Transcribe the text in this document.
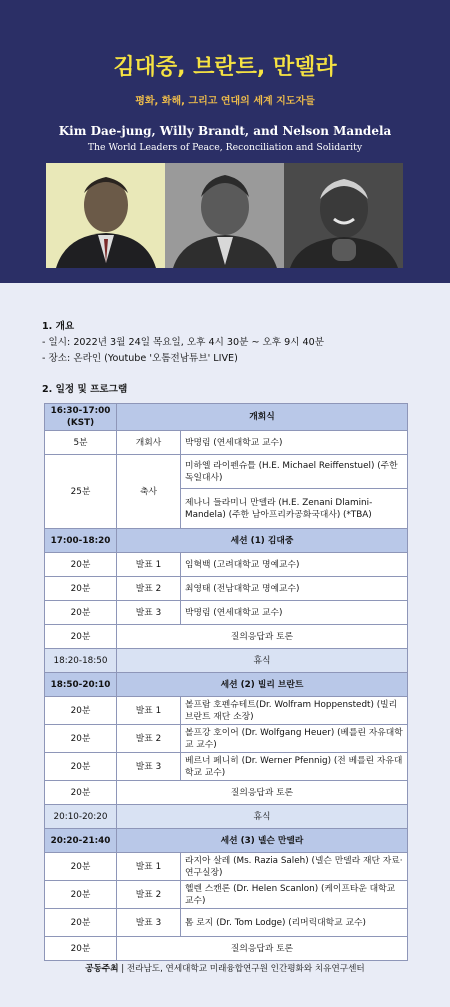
김대중, 브란트, 만델라
평화, 화해, 그리고 연대의 세계 지도자들
Kim Dae-jung, Willy Brandt, and Nelson Mandela
The World Leaders of Peace, Reconciliation and Solidarity
1. 개요
- 일시: 2022년 3월 24일 목요일, 오후 4시 30분 ~ 오후 9시 40분
- 장소: 온라인 (Youtube '오톰전남튜브' LIVE)
2. 일정 및 프로그램
16:30-17:00 (KST)	개회식	
5분	개회사	박명림 (연세대학교 교수)
25분	축사	미하엘 라이펜슈틀 (H.E. Michael Reiffenstuel) (주한 독일대사)
		제나니 들라미니 만델라 (H.E. Zenani Dlamini-Mandela) (주한 남아프리카공화국대사) (*TBA)
17:00-18:20	세션 (1) 김대중	
20분	발표 1	임혁백 (고려대학교 명예교수)
20분	발표 2	최영태 (전남대학교 명예교수)
20분	발표 3	박명림 (연세대학교 교수)
20분	질의응답과 토론	
18:20-18:50	휴식	
18:50-20:10	세션 (2) 빌리 브란트	
20분	발표 1	볼프람 호펜슈테트(Dr. Wolfram Hoppenstedt) (빌리 브란트 재단 소장)
20분	발표 2	볼프강 호이어 (Dr. Wolfgang Heuer) (베를린 자유대학교 교수)
20분	발표 3	베르너 페니히 (Dr. Werner Pfennig) (전 베를린 자유대학교 교수)
20분	질의응답과 토론	
20:10-20:20	휴식	
20:20-21:40	세션 (3) 넬슨 만델라	
20분	발표 1	라지아 살레 (Ms. Razia Saleh) (넬슨 만델라 재단 자료·연구실장)
20분	발표 2	헬렌 스캔론 (Dr. Helen Scanlon) (케이프타운 대학교 교수)
20분	발표 3	톰 로지 (Dr. Tom Lodge) (리머릭대학교 교수)
20분	질의응답과 토론	
공동주최 | 전라남도, 연세대학교 미래융합연구원 인간평화와 치유연구센터
